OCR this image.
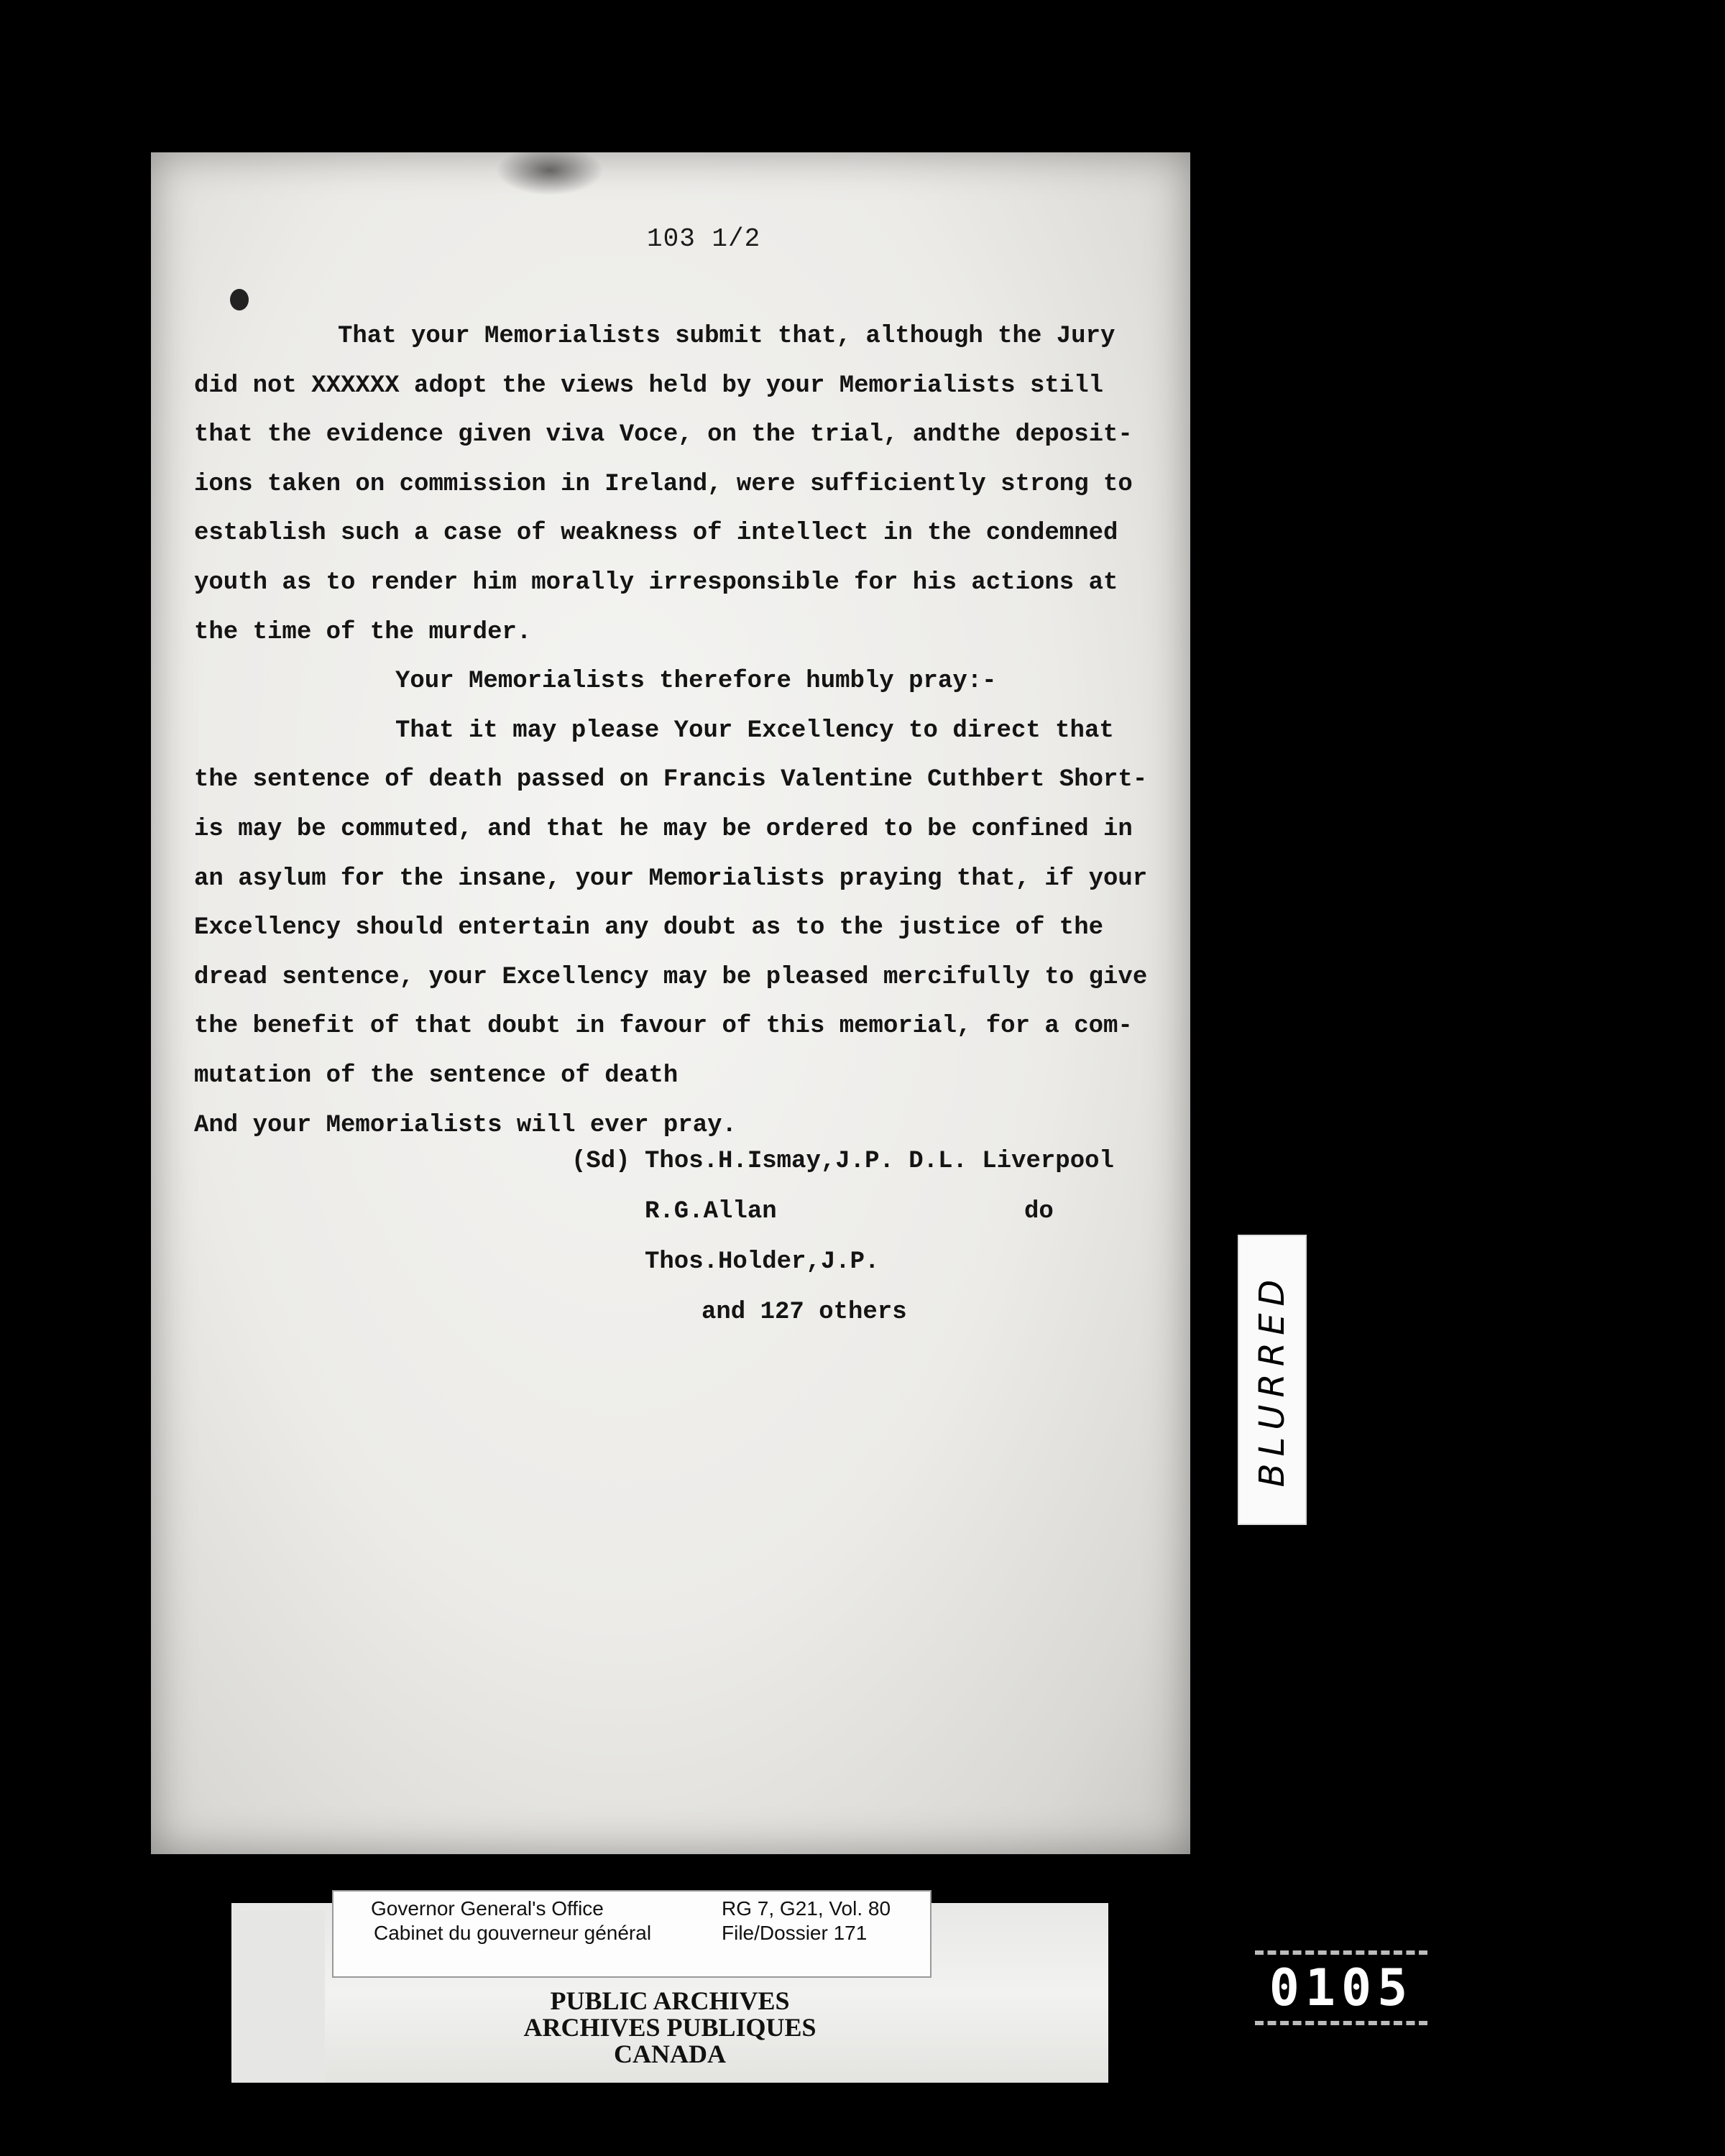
103 1/2
That your Memorialists submit that, although the Jury
did not XXXXXX adopt the views held by your Memorialists still
that the evidence given viva Voce, on the trial, andthe deposit-
ions taken on commission in Ireland, were sufficiently strong to
establish such a case of weakness of intellect in the condemned
youth as to render him morally irresponsible for his actions at
the time of the murder.
Your Memorialists therefore humbly pray:-
That it may please Your Excellency to direct that
the sentence of death passed on Francis Valentine Cuthbert Short-
is may be commuted, and that he may be ordered to be confined in
an asylum for the insane, your Memorialists praying that, if your
Excellency should entertain any doubt as to the justice of the
dread sentence, your Excellency may be pleased mercifully to give
the benefit of that doubt in favour of this memorial, for a com-
mutation of the sentence of death
And your Memorialists will ever pray.
(Sd) Thos.H.Ismay,J.P. D.L. Liverpool
R.G.Allan	do
Thos.Holder,J.P.
and 127 others	BLURRED
Governor General's Office
Cabinet du gouverneur général
RG 7, G21, Vol. 80
File/Dossier 171
PUBLIC ARCHIVES
ARCHIVES PUBLIQUES
CANADA
0105
